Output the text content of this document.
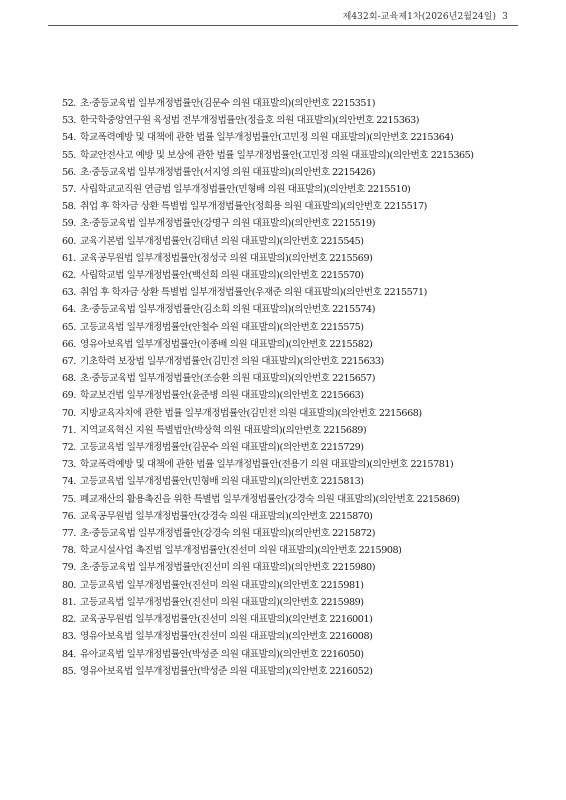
제432회-교육제1차(2026년2월24일) 3
52. 초·중등교육법 일부개정법률안(김문수 의원 대표발의)(의안번호 2215351)
53. 한국학중앙연구원 육성법 전부개정법률안(정을호 의원 대표발의)(의안번호 2215363)
54. 학교폭력예방 및 대책에 관한 법률 일부개정법률안(고민정 의원 대표발의)(의안번호 2215364)
55. 학교안전사고 예방 및 보상에 관한 법률 일부개정법률안(고민정 의원 대표발의)(의안번호 2215365)
56. 초·중등교육법 일부개정법률안(서지영 의원 대표발의)(의안번호 2215426)
57. 사립학교교직원 연금법 일부개정법률안(민형배 의원 대표발의)(의안번호 2215510)
58. 취업 후 학자금 상환 특별법 일부개정법률안(정희용 의원 대표발의)(의안번호 2215517)
59. 초·중등교육법 일부개정법률안(강명구 의원 대표발의)(의안번호 2215519)
60. 교육기본법 일부개정법률안(김태년 의원 대표발의)(의안번호 2215545)
61. 교육공무원법 일부개정법률안(정성국 의원 대표발의)(의안번호 2215569)
62. 사립학교법 일부개정법률안(백선희 의원 대표발의)(의안번호 2215570)
63. 취업 후 학자금 상환 특별법 일부개정법률안(우재준 의원 대표발의)(의안번호 2215571)
64. 초·중등교육법 일부개정법률안(김소희 의원 대표발의)(의안번호 2215574)
65. 고등교육법 일부개정법률안(안철수 의원 대표발의)(의안번호 2215575)
66. 영유아보육법 일부개정법률안(이종배 의원 대표발의)(의안번호 2215582)
67. 기초학력 보장법 일부개정법률안(김민전 의원 대표발의)(의안번호 2215633)
68. 초·중등교육법 일부개정법률안(조승환 의원 대표발의)(의안번호 2215657)
69. 학교보건법 일부개정법률안(윤준병 의원 대표발의)(의안번호 2215663)
70. 지방교육자치에 관한 법률 일부개정법률안(김민전 의원 대표발의)(의안번호 2215668)
71. 지역교육혁신 지원 특별법안(박상혁 의원 대표발의)(의안번호 2215689)
72. 고등교육법 일부개정법률안(김문수 의원 대표발의)(의안번호 2215729)
73. 학교폭력예방 및 대책에 관한 법률 일부개정법률안(전용기 의원 대표발의)(의안번호 2215781)
74. 고등교육법 일부개정법률안(민형배 의원 대표발의)(의안번호 2215813)
75. 폐교재산의 활용촉진을 위한 특별법 일부개정법률안(강경숙 의원 대표발의)(의안번호 2215869)
76. 교육공무원법 일부개정법률안(강경숙 의원 대표발의)(의안번호 2215870)
77. 초·중등교육법 일부개정법률안(강경숙 의원 대표발의)(의안번호 2215872)
78. 학교시설사업 촉진법 일부개정법률안(진선미 의원 대표발의)(의안번호 2215908)
79. 초·중등교육법 일부개정법률안(진선미 의원 대표발의)(의안번호 2215980)
80. 고등교육법 일부개정법률안(진선미 의원 대표발의)(의안번호 2215981)
81. 고등교육법 일부개정법률안(진선미 의원 대표발의)(의안번호 2215989)
82. 교육공무원법 일부개정법률안(진선미 의원 대표발의)(의안번호 2216001)
83. 영유아보육법 일부개정법률안(진선미 의원 대표발의)(의안번호 2216008)
84. 유아교육법 일부개정법률안(박성준 의원 대표발의)(의안번호 2216050)
85. 영유아보육법 일부개정법률안(박성준 의원 대표발의)(의안번호 2216052)
